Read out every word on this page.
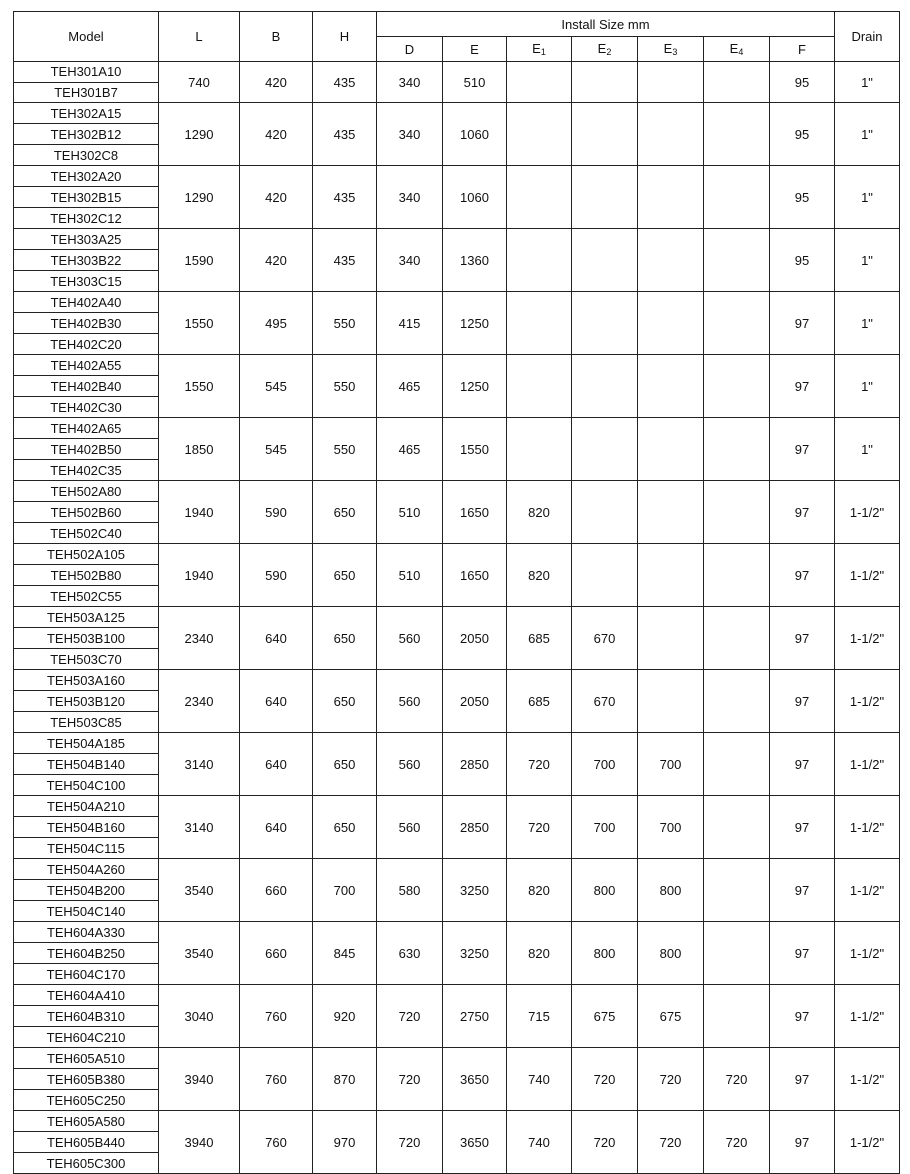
Model	L	B	H	Install Size mm							Drain
				D	E	$E_1$	$E_2$	$E_3$	$E_4$	F	
TEH301A10	740	420	435	340	510					95	1"
TEH301B7											
TEH302A15	1290	420	435	340	1060					95	1"
TEH302B12											
TEH302C8											
TEH302A20	1290	420	435	340	1060					95	1"
TEH302B15											
TEH302C12											
TEH303A25	1590	420	435	340	1360					95	1"
TEH303B22											
TEH303C15											
TEH402A40	1550	495	550	415	1250					97	1"
TEH402B30											
TEH402C20											
TEH402A55	1550	545	550	465	1250					97	1"
TEH402B40											
TEH402C30											
TEH402A65	1850	545	550	465	1550					97	1"
TEH402B50											
TEH402C35											
TEH502A80	1940	590	650	510	1650	820				97	1-1/2"
TEH502B60											
TEH502C40											
TEH502A105	1940	590	650	510	1650	820				97	1-1/2"
TEH502B80											
TEH502C55											
TEH503A125	2340	640	650	560	2050	685	670			97	1-1/2"
TEH503B100											
TEH503C70											
TEH503A160	2340	640	650	560	2050	685	670			97	1-1/2"
TEH503B120											
TEH503C85											
TEH504A185	3140	640	650	560	2850	720	700	700		97	1-1/2"
TEH504B140											
TEH504C100											
TEH504A210	3140	640	650	560	2850	720	700	700		97	1-1/2"
TEH504B160											
TEH504C115											
TEH504A260	3540	660	700	580	3250	820	800	800		97	1-1/2"
TEH504B200											
TEH504C140											
TEH604A330	3540	660	845	630	3250	820	800	800		97	1-1/2"
TEH604B250											
TEH604C170											
TEH604A410	3040	760	920	720	2750	715	675	675		97	1-1/2"
TEH604B310											
TEH604C210											
TEH605A510	3940	760	870	720	3650	740	720	720	720	97	1-1/2"
TEH605B380											
TEH605C250											
TEH605A580	3940	760	970	720	3650	740	720	720	720	97	1-1/2"
TEH605B440											
TEH605C300											
